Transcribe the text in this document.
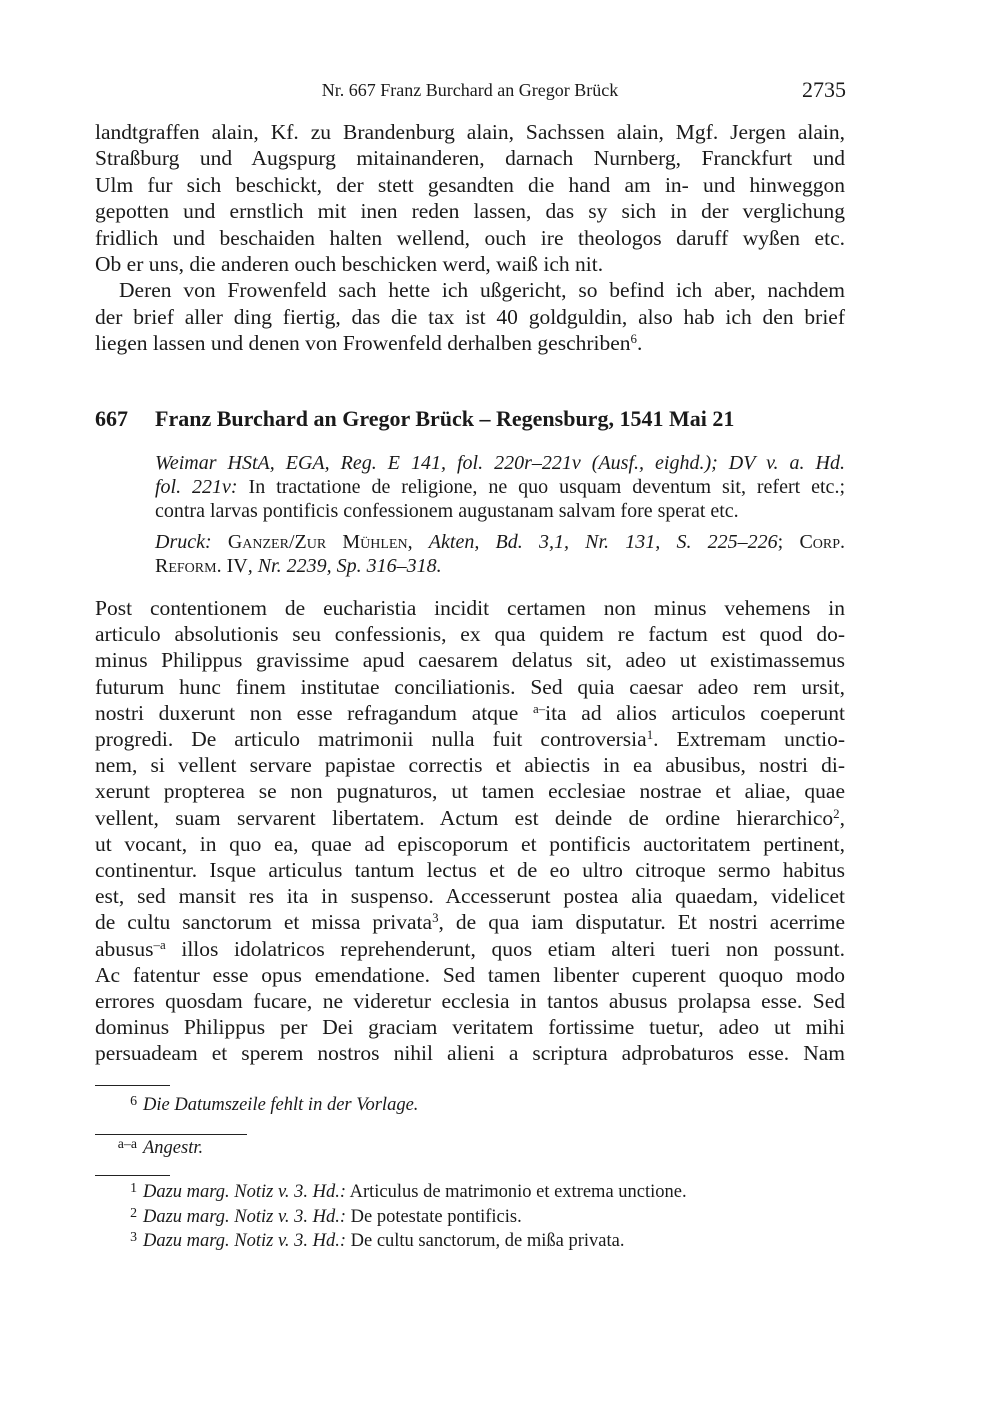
Nr. 667 Franz Burchard an Gregor Brück	2735
landtgraffen alain, Kf. zu Brandenburg alain, Sachssen alain, Mgf. Jergen alain,
Straßburg und Augspurg mitainanderen, darnach Nurnberg, Franckfurt und
Ulm fur sich beschickt, der stett gesandten die hand am in- und hinweggon
gepotten und ernstlich mit inen reden lassen, das sy sich in der verglichung
fridlich und beschaiden halten wellend, ouch ire theologos daruff wyßen etc.
Ob er uns, die anderen ouch beschicken werd, waiß ich nit.
Deren von Frowenfeld sach hette ich ußgericht, so befind ich aber, nachdem
der brief aller ding fiertig, das die tax ist 40 goldguldin, also hab ich den brief
liegen lassen und denen von Frowenfeld derhalben geschriben$^6$.
667 Franz Burchard an Gregor Brück – Regensburg, 1541 Mai 21
Weimar HStA, EGA, Reg. E 141, fol. 220r–221v (Ausf., eighd.); DV v. a. Hd.
fol. 221v: In tractatione de religione, ne quo usquam deventum sit, refert etc.;
contra larvas pontificis confessionem augustanam salvam fore sperat etc.
Druck: Ganzer/Zur Mühlen, Akten, Bd. 3,1, Nr. 131, S. 225–226; Corp.
Reform. IV, Nr. 2239, Sp. 316–318.
Post contentionem de eucharistia incidit certamen non minus vehemens in
articulo absolutionis seu confessionis, ex qua quidem re factum est quod do-
minus Philippus gravissime apud caesarem delatus sit, adeo ut existimassemus
futurum hunc finem institutae conciliationis. Sed quia caesar adeo rem ursit,
nostri duxerunt non esse refragandum atque $^{a-}$ita ad alios articulos coeperunt
progredi. De articulo matrimonii nulla fuit controversia$^1$. Extremam unctio-
nem, si vellent servare papistae correctis et abiectis in ea abusibus, nostri di-
xerunt propterea se non pugnaturos, ut tamen ecclesiae nostrae et aliae, quae
vellent, suam servarent libertatem. Actum est deinde de ordine hierarchico$^2$,
ut vocant, in quo ea, quae ad episcoporum et pontificis auctoritatem pertinent,
continentur. Isque articulus tantum lectus et de eo ultro citroque sermo habitus
est, sed mansit res ita in suspenso. Accesserunt postea alia quaedam, videlicet
de cultu sanctorum et missa privata$^3$, de qua iam disputatur. Et nostri acerrime
abusus$^{-a}$ illos idolatricos reprehenderunt, quos etiam alteri tueri non possunt.
Ac fatentur esse opus emendatione. Sed tamen libenter cuperent quoquo modo
errores quosdam fucare, ne videretur ecclesia in tantos abusus prolapsa esse. Sed
dominus Philippus per Dei graciam veritatem fortissime tuetur, adeo ut mihi
persuadeam et sperem nostros nihil alieni a scriptura adprobaturos esse. Nam
$^6$ Die Datumszeile fehlt in der Vorlage.
$^{a-a}$ Angestr.
$^1$ Dazu marg. Notiz v. 3. Hd.: Articulus de matrimonio et extrema unctione.
$^2$ Dazu marg. Notiz v. 3. Hd.: De potestate pontificis.
$^3$ Dazu marg. Notiz v. 3. Hd.: De cultu sanctorum, de mißa privata.
